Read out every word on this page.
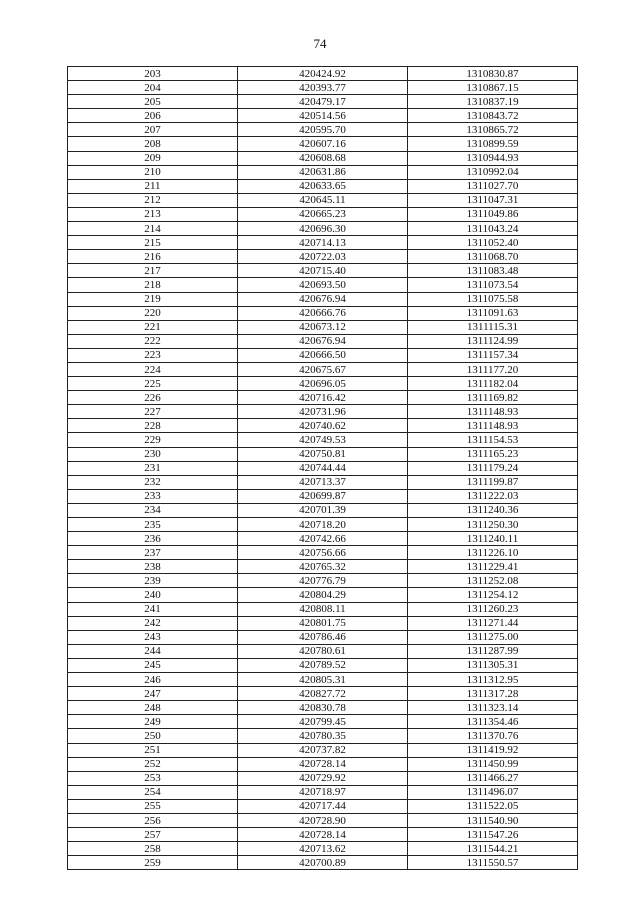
74
203	420424.92	1310830.87
204	420393.77	1310867.15
205	420479.17	1310837.19
206	420514.56	1310843.72
207	420595.70	1310865.72
208	420607.16	1310899.59
209	420608.68	1310944.93
210	420631.86	1310992.04
211	420633.65	1311027.70
212	420645.11	1311047.31
213	420665.23	1311049.86
214	420696.30	1311043.24
215	420714.13	1311052.40
216	420722.03	1311068.70
217	420715.40	1311083.48
218	420693.50	1311073.54
219	420676.94	1311075.58
220	420666.76	1311091.63
221	420673.12	1311115.31
222	420676.94	1311124.99
223	420666.50	1311157.34
224	420675.67	1311177.20
225	420696.05	1311182.04
226	420716.42	1311169.82
227	420731.96	1311148.93
228	420740.62	1311148.93
229	420749.53	1311154.53
230	420750.81	1311165.23
231	420744.44	1311179.24
232	420713.37	1311199.87
233	420699.87	1311222.03
234	420701.39	1311240.36
235	420718.20	1311250.30
236	420742.66	1311240.11
237	420756.66	1311226.10
238	420765.32	1311229.41
239	420776.79	1311252.08
240	420804.29	1311254.12
241	420808.11	1311260.23
242	420801.75	1311271.44
243	420786.46	1311275.00
244	420780.61	1311287.99
245	420789.52	1311305.31
246	420805.31	1311312.95
247	420827.72	1311317.28
248	420830.78	1311323.14
249	420799.45	1311354.46
250	420780.35	1311370.76
251	420737.82	1311419.92
252	420728.14	1311450.99
253	420729.92	1311466.27
254	420718.97	1311496.07
255	420717.44	1311522.05
256	420728.90	1311540.90
257	420728.14	1311547.26
258	420713.62	1311544.21
259	420700.89	1311550.57
